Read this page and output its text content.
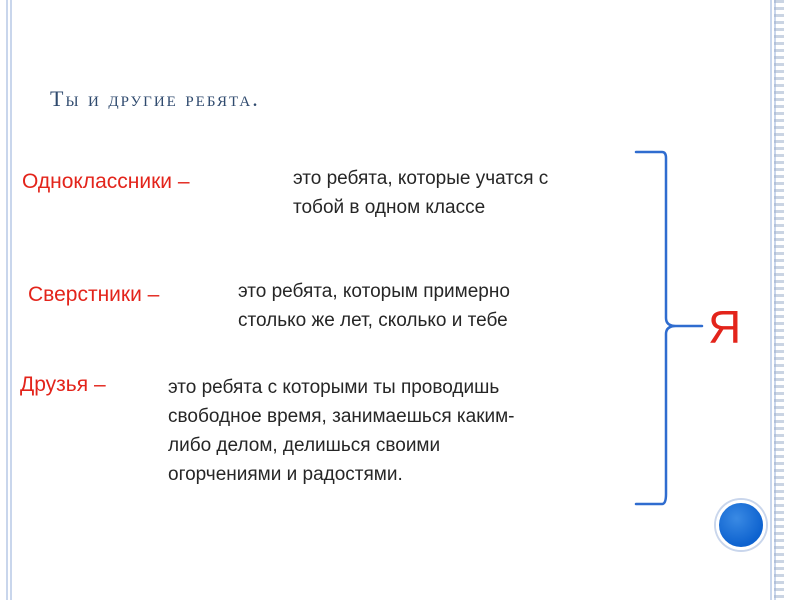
Ты и другие ребята.
Одноклассники –	это ребята, которые учатся с
тобой в одном классе
Сверстники –	это ребята, которым примерно
столько же лет, сколько и тебе
Друзья –	это ребята с которыми ты проводишь
свободное время, занимаешься каким-
либо делом, делишься своими
огорчениями и радостями.
Я
